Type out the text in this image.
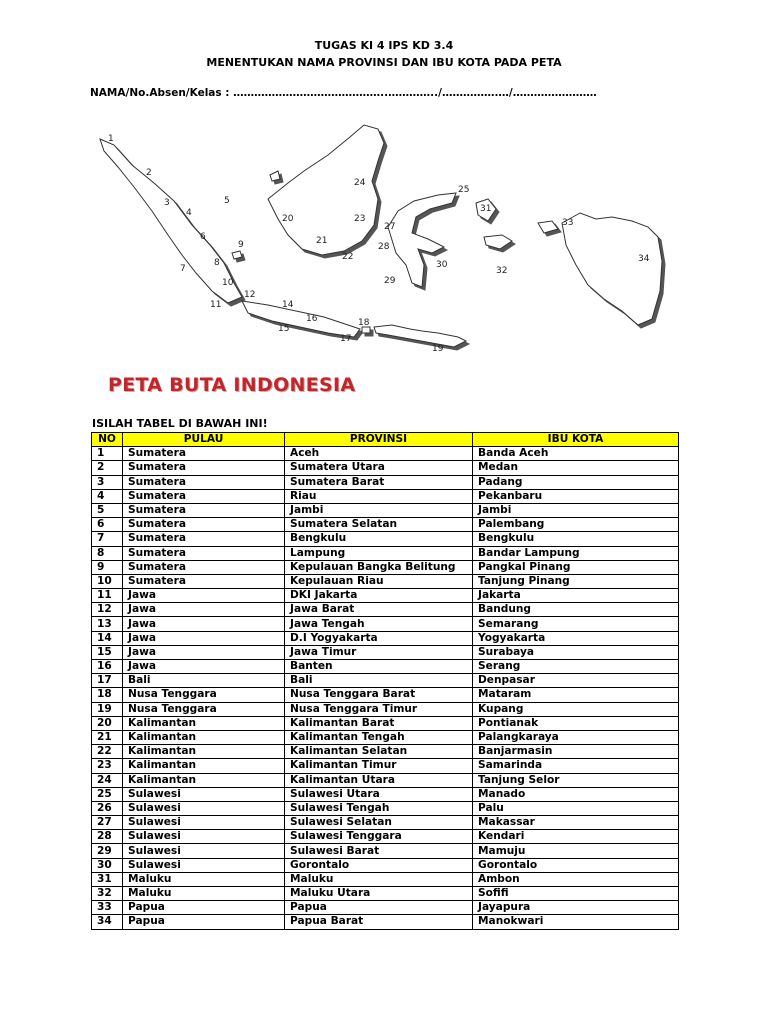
TUGAS KI 4 IPS KD 3.4
MENENTUKAN NAMA PROVINSI DAN IBU KOTA PADA PETA
NAMA/No.Absen/Kelas : ……………………………………..…………../…………….…/……………………
1
2
3
4
5
6
7
8
9
10
11
12
14
15
16
17
18
19
20
21
22
23
24
25
27
28
29
30
31
32
33
34
PETA BUTA INDONESIA
ISILAH TABEL DI BAWAH INI!
NO	PULAU	PROVINSI	IBU KOTA
1	Sumatera	Aceh	Banda Aceh
2	Sumatera	Sumatera Utara	Medan
3	Sumatera	Sumatera Barat	Padang
4	Sumatera	Riau	Pekanbaru
5	Sumatera	Jambi	Jambi
6	Sumatera	Sumatera Selatan	Palembang
7	Sumatera	Bengkulu	Bengkulu
8	Sumatera	Lampung	Bandar Lampung
9	Sumatera	Kepulauan Bangka Belitung	Pangkal Pinang
10	Sumatera	Kepulauan Riau	Tanjung Pinang
11	Jawa	DKI Jakarta	Jakarta
12	Jawa	Jawa Barat	Bandung
13	Jawa	Jawa Tengah	Semarang
14	Jawa	D.I Yogyakarta	Yogyakarta
15	Jawa	Jawa Timur	Surabaya
16	Jawa	Banten	Serang
17	Bali	Bali	Denpasar
18	Nusa Tenggara	Nusa Tenggara Barat	Mataram
19	Nusa Tenggara	Nusa Tenggara Timur	Kupang
20	Kalimantan	Kalimantan Barat	Pontianak
21	Kalimantan	Kalimantan Tengah	Palangkaraya
22	Kalimantan	Kalimantan Selatan	Banjarmasin
23	Kalimantan	Kalimantan Timur	Samarinda
24	Kalimantan	Kalimantan Utara	Tanjung Selor
25	Sulawesi	Sulawesi Utara	Manado
26	Sulawesi	Sulawesi Tengah	Palu
27	Sulawesi	Sulawesi Selatan	Makassar
28	Sulawesi	Sulawesi Tenggara	Kendari
29	Sulawesi	Sulawesi Barat	Mamuju
30	Sulawesi	Gorontalo	Gorontalo
31	Maluku	Maluku	Ambon
32	Maluku	Maluku Utara	Sofifi
33	Papua	Papua	Jayapura
34	Papua	Papua Barat	Manokwari
